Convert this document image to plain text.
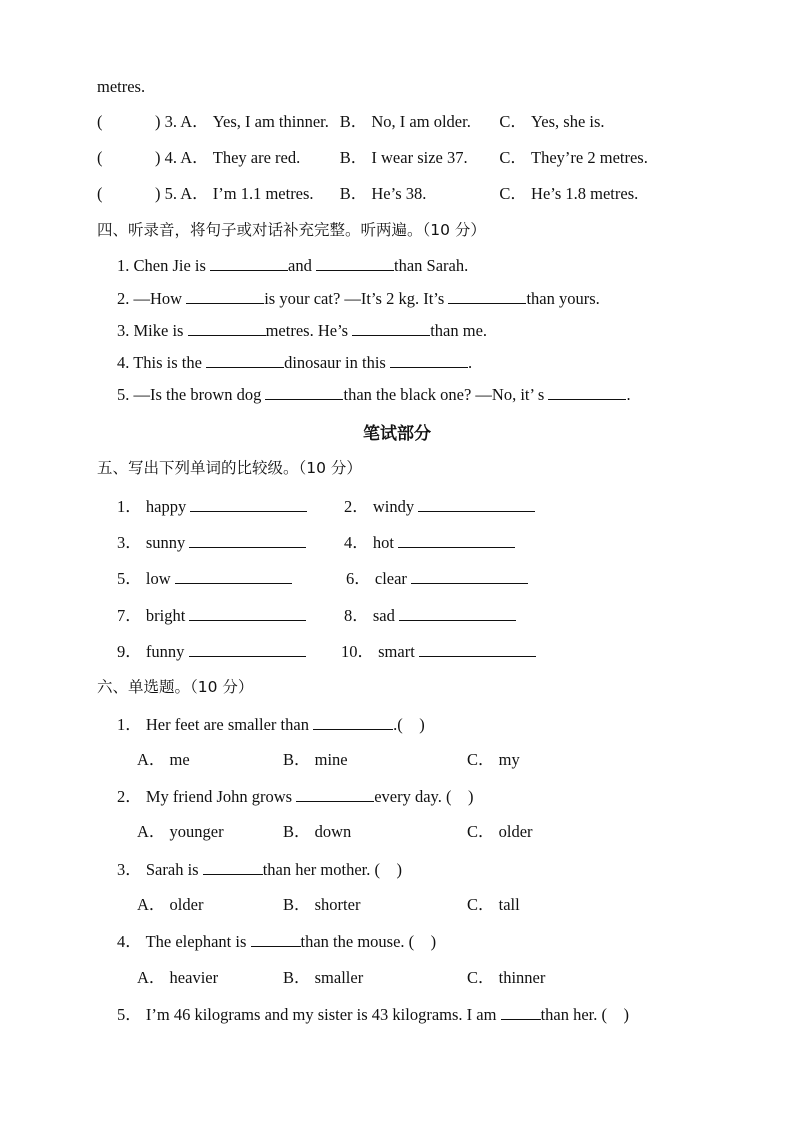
metres.
(	) 3. A． Yes, I am thinner. B． No, I am older. C． Yes, she is.
(	) 4. A． They are red. B． I wear size 37. C． They’re 2 metres.
(	) 5. A． I’m 1.1 metres. B． He’s 38.	C． He’s 1.8 metres.
四、听录音，将句子或对话补充完整。听两遍。（10 分）
1. Chen Jie is	and	than Sarah.
2. —How	is your cat? —It’s 2 kg. It’s	than yours.
3. Mike is	metres. He’s	than me.
4. This is the	dinosaur in this	.
5. —Is the brown dog	than the black one? —No, it’ s	.
笔试部分
五、写出下列单词的比较级。（10 分）
1． happy	2． windy
3． sunny	4． hot
5． low	6． clear
7． bright	8． sad
9． funny	10． smart
六、单选题。（10 分）
1． Her feet are smaller than	.(    )
A． me	B． mine	C． my
2． My friend John grows	every day. (    )
A． younger	B． down	C． older
3． Sarah is	than her mother. (    )
A． older	B． shorter	C． tall
4． The elephant is	than the mouse. (    )
A． heavier	B． smaller	C． thinner
5． I’m 46 kilograms and my sister is 43 kilograms. I am	than her. (    )
